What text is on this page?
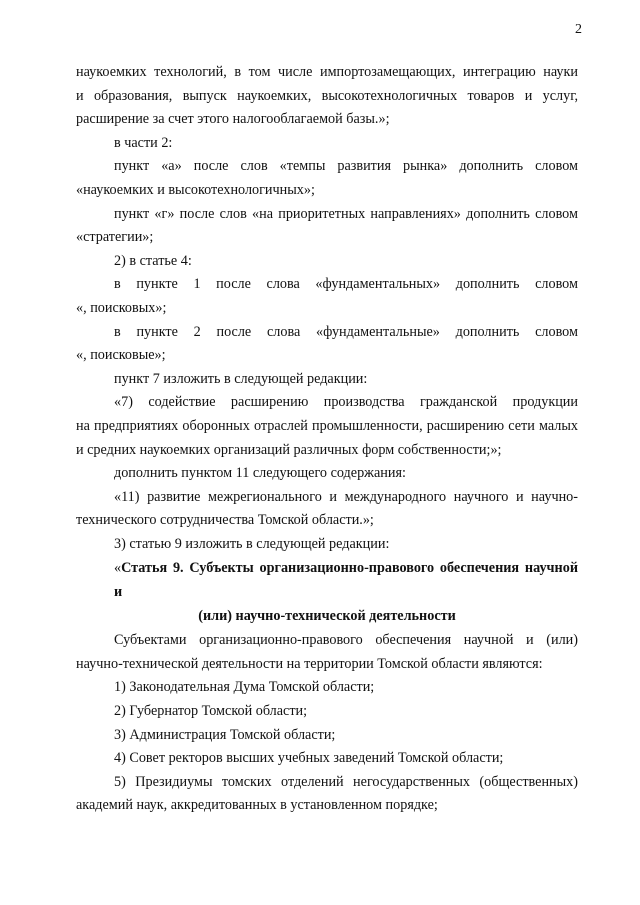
2
наукоемких технологий, в том числе импортозамещающих, интеграцию науки
и образования, выпуск наукоемких, высокотехнологичных товаров и услуг,
расширение за счет этого налогооблагаемой базы.»;
в части 2:
пункт «а» после слов «темпы развития рынка» дополнить словом
«наукоемких и высокотехнологичных»;
пункт «г» после слов «на приоритетных направлениях» дополнить словом
«стратегии»;
2) в статье 4:
в пункте 1 после слова «фундаментальных» дополнить словом
«, поисковых»;
в пункте 2 после слова «фундаментальные» дополнить словом
«, поисковые»;
пункт 7 изложить в следующей редакции:
«7) содействие расширению производства гражданской продукции
на предприятиях оборонных отраслей промышленности, расширению сети малых
и средних наукоемких организаций различных форм собственности;»;
дополнить пунктом 11 следующего содержания:
«11) развитие межрегионального и международного научного и научно-
технического сотрудничества Томской области.»;
3) статью 9 изложить в следующей редакции:
«Статья 9. Субъекты организационно-правового обеспечения научной и
(или) научно-технической деятельности
Субъектами организационно-правового обеспечения научной и (или)
научно-технической деятельности на территории Томской области являются:
1) Законодательная Дума Томской области;
2) Губернатор Томской области;
3) Администрация Томской области;
4) Совет ректоров высших учебных заведений Томской области;
5) Президиумы томских отделений негосударственных (общественных)
академий наук, аккредитованных в установленном порядке;
